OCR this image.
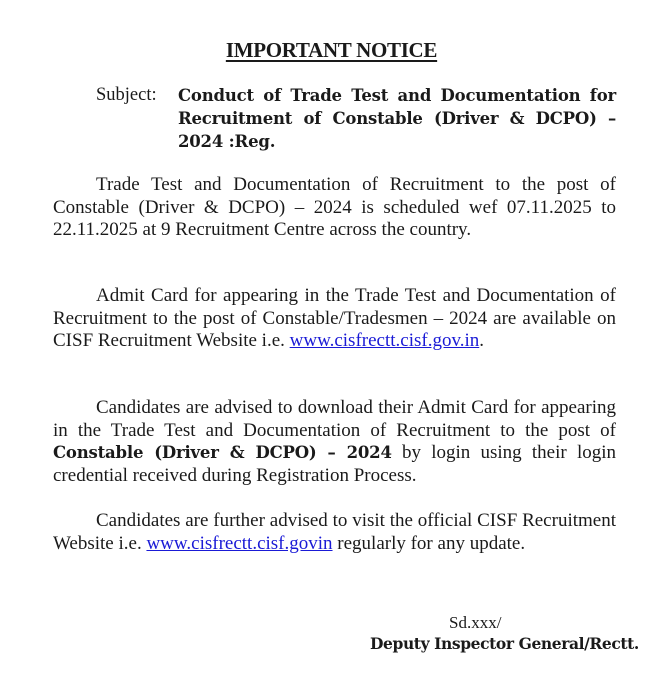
IMPORTANT NOTICE
Subject: Conduct of Trade Test and Documentation for Recruitment of Constable (Driver & DCPO) – 2024 :Reg.
Trade Test and Documentation of Recruitment to the post of Constable (Driver & DCPO) – 2024 is scheduled wef 07.11.2025 to 22.11.2025 at 9 Recruitment Centre across the country.
Admit Card for appearing in the Trade Test and Documentation of Recruitment to the post of Constable/Tradesmen – 2024 are available on CISF Recruitment Website i.e. www.cisfrectt.cisf.gov.in.
Candidates are advised to download their Admit Card for appearing in the Trade Test and Documentation of Recruitment to the post of Constable (Driver & DCPO) – 2024 by login using their login credential received during Registration Process.
Candidates are further advised to visit the official CISF Recruitment Website i.e. www.cisfrectt.cisf.govin regularly for any update.
Sd.xxx/
Deputy Inspector General/Rectt.
